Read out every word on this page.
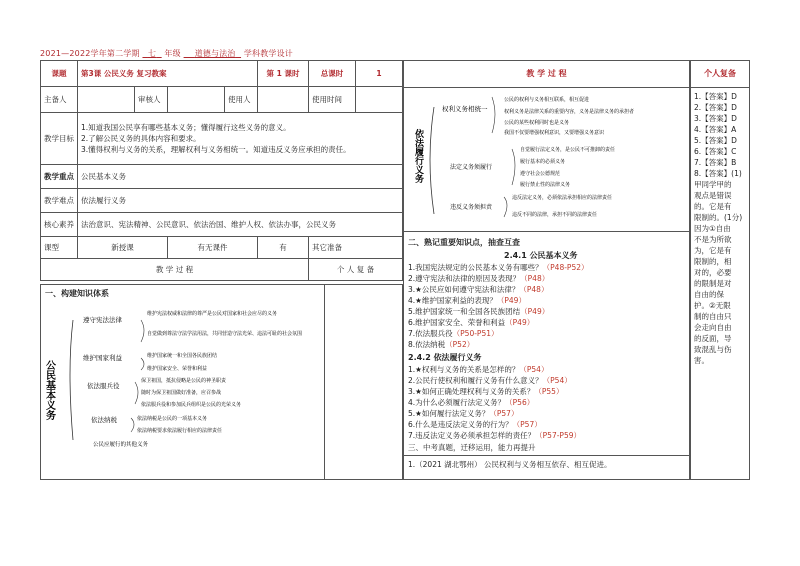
2021—2022学年第二学期 七 年级 道德与法治 学科教学设计
课题	第3课 公民义务 复习教案				第 1 课时	总课时	1
主备人		审核人		使用人		使用时间	
教学目标	1.知道我国公民享有哪些基本义务；懂得履行这些义务的意义。
2.了解公民义务的具体内容和要求。
3.懂得权利与义务的关系，理解权利与义务相统一。知道违反义务应承担的责任。						

教学重点	公民基本义务						
教学难点	依法履行义务						
核心素养	法治意识、宪法精神、公民意识、依法治国、维护人权、依法办事，公民义务						
课型	新授课		有无课件		有	其它准备	
教 学 过 程						个 人 复 备	
一、构建知识体系
公民基本义务
遵守宪法法律
维护国家利益
依法服兵役
依法纳税
公民应履行的其他义务
维护宪法权威和法律的尊严是公民对国家和社会应尽的义务
自觉做到尊法守法学法用法，共同营造守法光荣、违法可耻的社会氛围
维护国家统一和全国各民族团结
维护国家安全、荣誉和利益
保卫祖国，抵抗侵略是公民的神圣职责
随时为保卫祖国做好准备，应召参战
依法服兵役和参加民兵组织是公民的光荣义务
依法纳税是公民的一项基本义务
依法纳税要求依法履行相应的法律责任
教 学 过 程
依法履行义务
权利义务相统一
公民的权利与义务相互联系，相互促进
权利义务是法律关系的重要内容，义务是法律义务的承担者
公民的某些权利同时也是义务
我国不仅要增强权利意识，又要增强义务意识
法定义务须履行
自觉履行法定义务，是公民不可推卸的责任
履行基本的必须义务
遵守社会公德规范
履行禁止性的法律义务
违反义务须担责
违反法定义务，必须依法承担相应的法律责任
违反不同的法律，承担不同的法律责任
二、熟记重要知识点，抽查互查
2.4.1 公民基本义务
1.我国宪法规定的公民基本义务有哪些？（P48-P52）
2.遵守宪法和法律的原因及表现？（P48）
3.★公民应如何遵守宪法和法律？（P48）
4.★维护国家利益的表现？（P49）
5.维护国家统一和全国各民族团结（P49）
6.维护国家安全、荣誉和利益（P49）
7.依法服兵役（P50-P51）
8.依法纳税（P52）
2.4.2 依法履行义务
1.★权利与义务的关系是怎样的？（P54）
2.公民行使权利和履行义务有什么意义？（P54）
3.★如何正确处理权利与义务的关系？（P55）
4.为什么必须履行法定义务？（P56）
5.★如何履行法定义务？（P57）
6.什么是违反法定义务的行为？（P57）
7.违反法定义务必须承担怎样的责任？（P57-P59）
三、中考真题，迁移运用，能力再提升
1.（2021 湖北鄂州） 公民权利与义务相互依存、相互促进。
个人复备
1.【答案】D
2.【答案】D
3.【答案】D
4.【答案】A
5.【答案】D
6.【答案】C
7.【答案】B
8.【答案】(1)
甲同学甲的
观点是错误
的。它是有
限制的。(1分)
因为①自由
不是为所欲
为，它是有
限制的，相
对的，必要
的限制是对
自由的保
护。②无限
制的自由只
会走向自由
的反面，导
致混乱与伤
害。
